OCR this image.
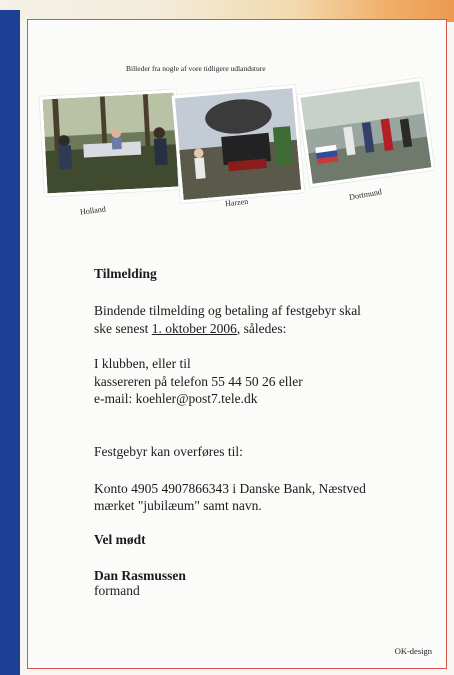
Billeder fra nogle af vore tidligere udlandsture
Holland
Harzen
Dortmund
Tilmelding
Bindende tilmelding og betaling af festgebyr skal
ske senest 1. oktober 2006, således:
I klubben, eller til
kassereren på telefon 55 44 50 26 eller
e-mail: koehler@post7.tele.dk
Festgebyr kan overføres til:
Konto 4905 4907866343 i Danske Bank, Næstved
mærket "jubilæum" samt navn.
Vel mødt
Dan Rasmussen
formand
OK-design
